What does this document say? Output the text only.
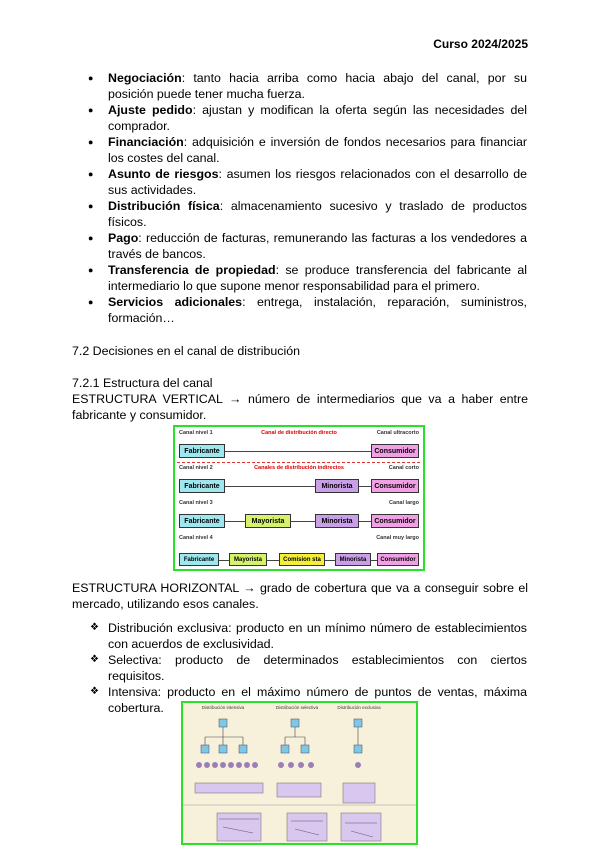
Curso 2024/2025
● Negociación: tanto hacia arriba como hacia abajo del canal, por su posición puede tener mucha fuerza.
● Ajuste pedido: ajustan y modifican la oferta según las necesidades del comprador.
● Financiación: adquisición e inversión de fondos necesarios para financiar los costes del canal.
● Asunto de riesgos: asumen los riesgos relacionados con el desarrollo de sus actividades.
● Distribución física: almacenamiento sucesivo y traslado de productos físicos.
● Pago: reducción de facturas, remunerando las facturas a los vendedores a través de bancos.
● Transferencia de propiedad: se produce transferencia del fabricante al intermediario lo que supone menor responsabilidad para el primero.
● Servicios adicionales: entrega, instalación, reparación, suministros, formación…
7.2 Decisiones en el canal de distribución
7.2.1 Estructura del canal
ESTRUCTURA VERTICAL → número de intermediarios que va a haber entre fabricante y consumidor.
Canal nivel 1	Canal de distribución directo	Canal ultracorto
Fabricante	Consumidor
Canal nivel 2	Canales de distribución indirectos	Canal corto
Fabricante	Minorista	Consumidor
Canal nivel 3	Canal largo
Fabricante	Mayorista	Minorista	Consumidor
Canal nivel 4	Canal muy largo
Fabricante	Mayorista	Comision sta	Minorista	Consumidor
ESTRUCTURA HORIZONTAL → grado de cobertura que va a conseguir sobre el mercado, utilizando esos canales.
❖ Distribución exclusiva: producto en un mínimo número de establecimientos con acuerdos de exclusividad.
❖ Selectiva: producto de determinados establecimientos con ciertos requisitos.
❖ Intensiva: producto en el máximo número de puntos de ventas, máxima cobertura.	Distribución intensiva	Distribución selectiva	Distribución exclusiva
